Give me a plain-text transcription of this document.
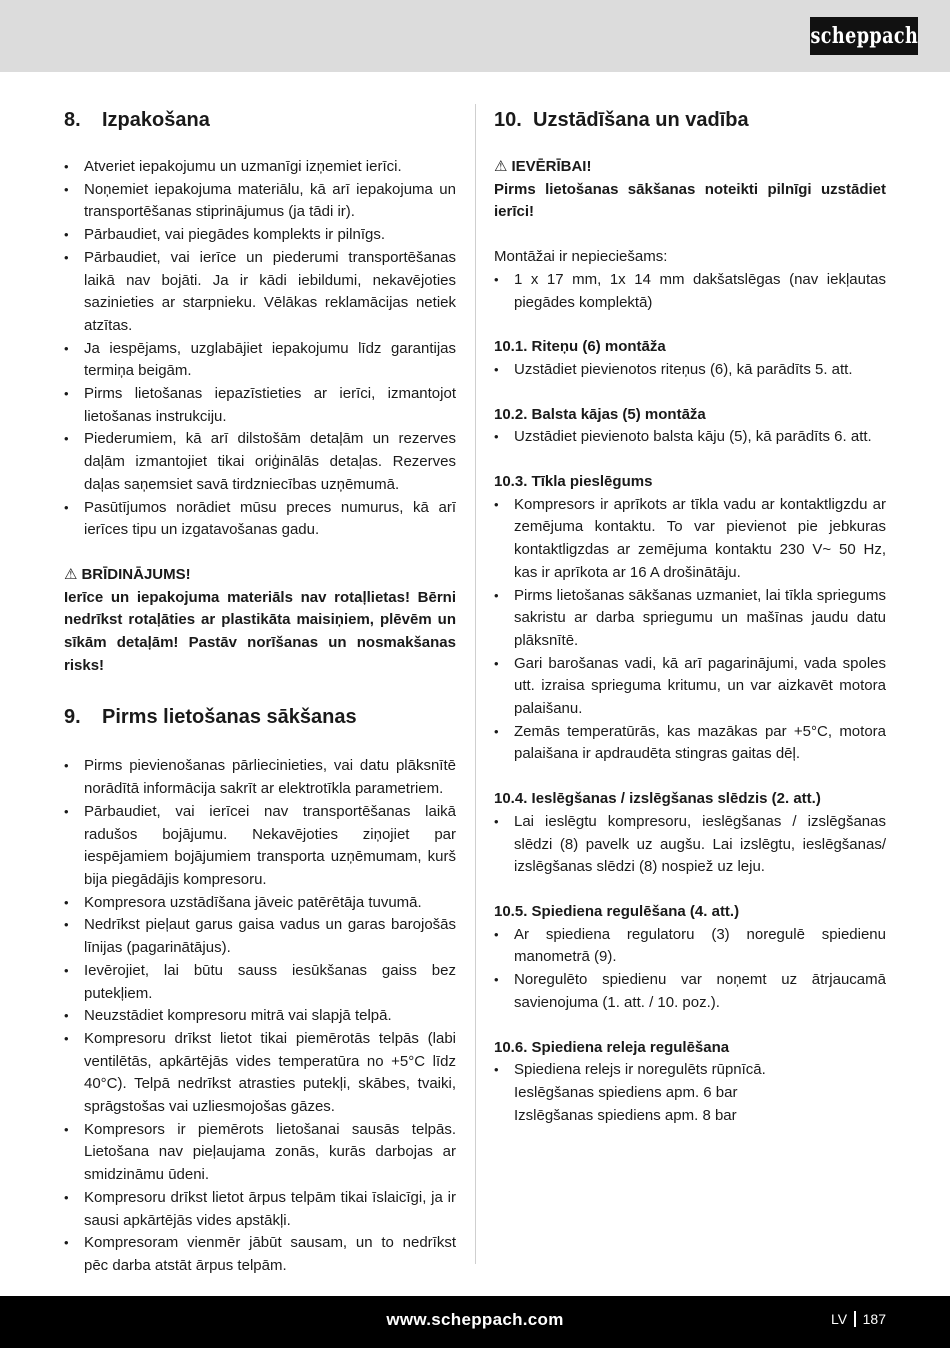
scheppach
8.	Izpakošana
• Atveriet iepakojumu un uzmanīgi izņemiet ierīci.
• Noņemiet iepakojuma materiālu, kā arī iepakojuma un transportēšanas stiprinājumus (ja tādi ir).
• Pārbaudiet, vai piegādes komplekts ir pilnīgs.
• Pārbaudiet, vai ierīce un piederumi transportēšanas laikā nav bojāti. Ja ir kādi iebildumi, nekavējoties sazinieties ar starpnieku. Vēlākas reklamācijas netiek atzītas.
• Ja iespējams, uzglabājiet iepakojumu līdz garantijas termiņa beigām.
• Pirms lietošanas iepazīstieties ar ierīci, izmantojot lietošanas instrukciju.
• Piederumiem, kā arī dilstošām detaļām un rezerves daļām izmantojiet tikai oriģinālās detaļas. Rezerves daļas saņemsiet savā tirdzniecības uzņēmumā.
• Pasūtījumos norādiet mūsu preces numurus, kā arī ierīces tipu un izgatavošanas gadu.
⚠ BRĪDINĀJUMS!
Ierīce un iepakojuma materiāls nav rotaļlietas! Bērni nedrīkst rotaļāties ar plastikāta maisiņiem, plēvēm un sīkām detaļām! Pastāv norīšanas un nosmakšanas risks!
9.	Pirms lietošanas sākšanas
• Pirms pievienošanas pārliecinieties, vai datu plāksnītē norādītā informācija sakrīt ar elektrotīkla parametriem.
• Pārbaudiet, vai ierīcei nav transportēšanas laikā radušos bojājumu. Nekavējoties ziņojiet par iespējamiem bojājumiem transporta uzņēmumam, kurš bija piegādājis kompresoru.
• Kompresora uzstādīšana jāveic patērētāja tuvumā.
• Nedrīkst pieļaut garus gaisa vadus un garas barojošās līnijas (pagarinātājus).
• Ievērojiet, lai būtu sauss iesūkšanas gaiss bez putekļiem.
• Neuzstādiet kompresoru mitrā vai slapjā telpā.
• Kompresoru drīkst lietot tikai piemērotās telpās (labi ventilētās, apkārtējās vides temperatūra no +5°C līdz 40°C). Telpā nedrīkst atrasties putekļi, skābes, tvaiki, sprāgstošas vai uzliesmojošas gāzes.
• Kompresors ir piemērots lietošanai sausās telpās. Lietošana nav pieļaujama zonās, kurās darbojas ar smidzināmu ūdeni.
• Kompresoru drīkst lietot ārpus telpām tikai īslaicīgi, ja ir sausi apkārtējās vides apstākļi.
• Kompresoram vienmēr jābūt sausam, un to nedrīkst pēc darba atstāt ārpus telpām.
10. Uzstādīšana un vadība
⚠ IEVĒRĪBAI!
Pirms lietošanas sākšanas noteikti pilnīgi uzstādiet ierīci!
Montāžai ir nepieciešams:
• 1 x 17 mm, 1x 14 mm dakšatslēgas (nav iekļautas piegādes komplektā)
10.1. Riteņu (6) montāža
• Uzstādiet pievienotos riteņus (6), kā parādīts 5. att.
10.2. Balsta kājas (5) montāža
• Uzstādiet pievienoto balsta kāju (5), kā parādīts 6. att.
10.3. Tīkla pieslēgums
• Kompresors ir aprīkots ar tīkla vadu ar kontaktligzdu ar zemējuma kontaktu. To var pievienot pie jebkuras kontaktligzdas ar zemējuma kontaktu 230 V~ 50 Hz, kas ir aprīkota ar 16 A drošinātāju.
• Pirms lietošanas sākšanas uzmaniet, lai tīkla spriegums sakristu ar darba spriegumu un mašīnas jaudu datu plāksnītē.
• Gari barošanas vadi, kā arī pagarinājumi, vada spoles utt. izraisa sprieguma kritumu, un var aizkavēt motora palaišanu.
• Zemās temperatūrās, kas mazākas par +5°C, motora palaišana ir apdraudēta stingras gaitas dēļ.
10.4. Ieslēgšanas / izslēgšanas slēdzis (2. att.)
• Lai ieslēgtu kompresoru, ieslēgšanas / izslēgšanas slēdzi (8) pavelk uz augšu. Lai izslēgtu, ieslēgšanas/ izslēgšanas slēdzi (8) nospiež uz leju.
10.5. Spiediena regulēšana (4. att.)
• Ar spiediena regulatoru (3) noregulē spiedienu manometrā (9).
• Noregulēto spiedienu var noņemt uz ātrjaucamā savienojuma (1. att. / 10. poz.).
10.6. Spiediena releja regulēšana
• Spiediena relejs ir noregulēts rūpnīcā.
Ieslēgšanas spiediens apm. 6 bar
Izslēgšanas spiediens apm. 8 bar
www.scheppach.com	LV 187
